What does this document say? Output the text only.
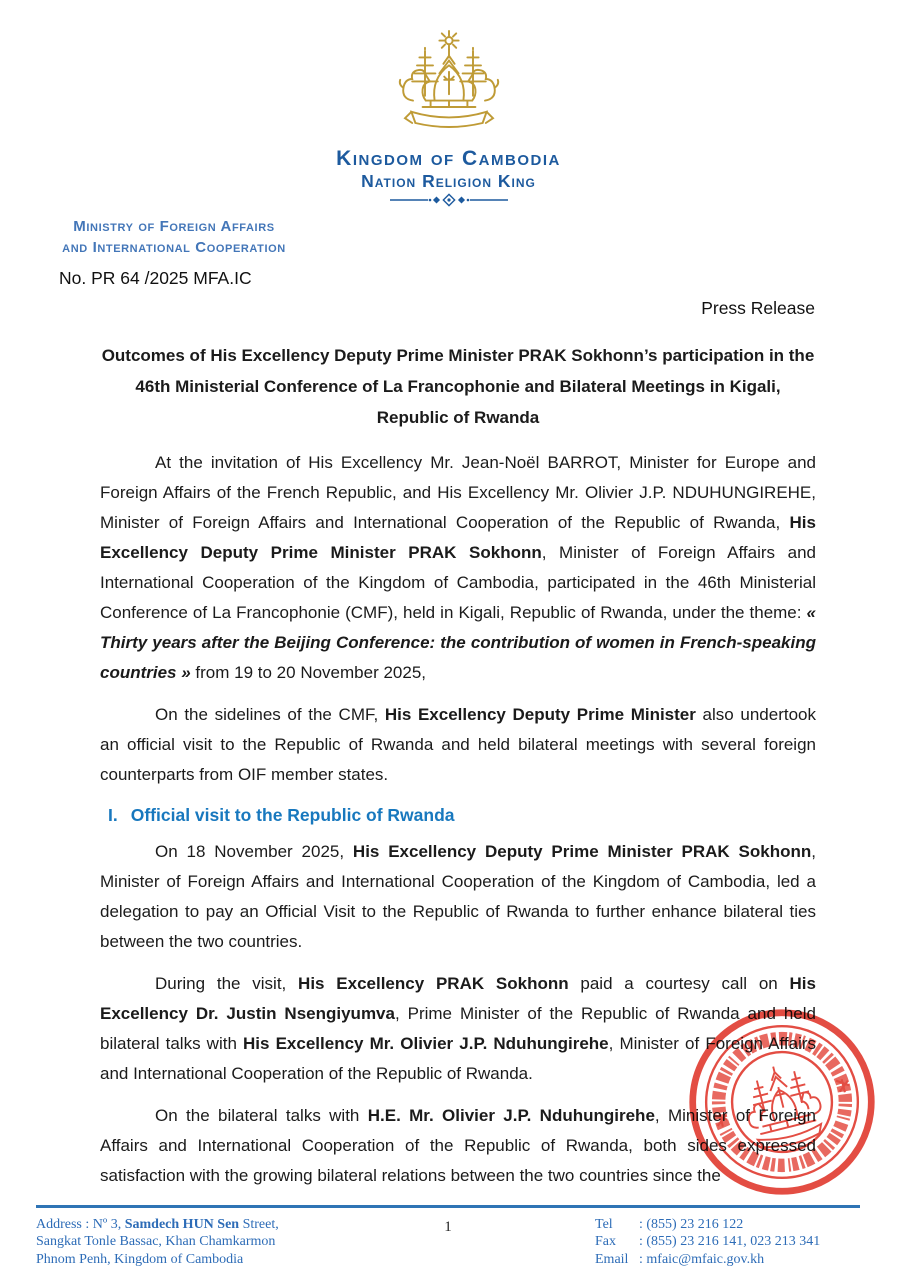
Kingdom of Cambodia
Nation Religion King
Ministry of Foreign Affairs
and International Cooperation
No. PR 64 /2025 MFA.IC
Press Release
Outcomes of His Excellency Deputy Prime Minister PRAK Sokhonn’s participation in the
46th Ministerial Conference of La Francophonie and Bilateral Meetings in Kigali,
Republic of Rwanda

At the invitation of His Excellency Mr. Jean-Noël BARROT, Minister for Europe and Foreign Affairs of the French Republic, and His Excellency Mr. Olivier J.P. NDUHUNGIREHE, Minister of Foreign Affairs and International Cooperation of the Republic of Rwanda, His Excellency Deputy Prime Minister PRAK Sokhonn, Minister of Foreign Affairs and International Cooperation of the Kingdom of Cambodia, participated in the 46th Ministerial Conference of La Francophonie (CMF), held in Kigali, Republic of Rwanda, under the theme: « Thirty years after the Beijing Conference: the contribution of women in French-speaking countries » from 19 to 20 November 2025,

On the sidelines of the CMF, His Excellency Deputy Prime Minister also undertook an official visit to the Republic of Rwanda and held bilateral meetings with several foreign counterparts from OIF member states.

I. Official visit to the Republic of Rwanda

On 18 November 2025, His Excellency Deputy Prime Minister PRAK Sokhonn, Minister of Foreign Affairs and International Cooperation of the Kingdom of Cambodia, led a delegation to pay an Official Visit to the Republic of Rwanda to further enhance bilateral ties between the two countries.

During the visit, His Excellency PRAK Sokhonn paid a courtesy call on His Excellency Dr. Justin Nsengiyumva, Prime Minister of the Republic of Rwanda and held bilateral talks with His Excellency Mr. Olivier J.P. Nduhungirehe, Minister of Foreign Affairs and International Cooperation of the Republic of Rwanda.

On the bilateral talks with H.E. Mr. Olivier J.P. Nduhungirehe, Minister of Foreign Affairs and International Cooperation of the Republic of Rwanda, both sides expressed satisfaction with the growing bilateral relations between the two countries since the

1
Address : Nº 3, Samdech HUN Sen Street,
Sangkat Tonle Bassac, Khan Chamkarmon
Phnom Penh, Kingdom of Cambodia
Tel	: (855) 23 216 122
Fax	: (855) 23 216 141, 023 213 341
Email : mfaic@mfaic.gov.kh
